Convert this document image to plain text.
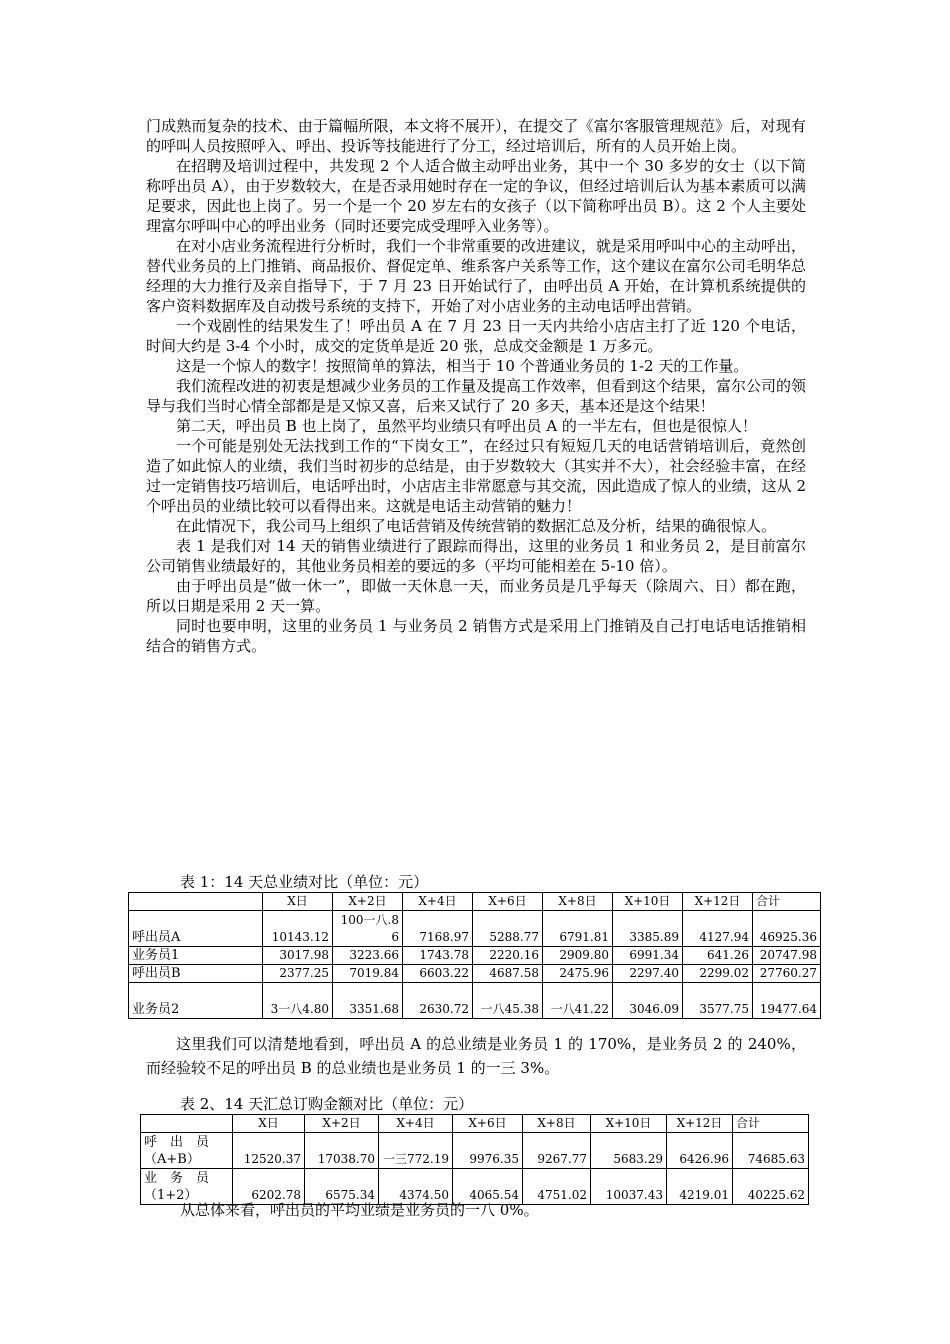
门成熟而复杂的技术、由于篇幅所限，本文将不展开），在提交了《富尔客服管理规范》后，对现有的呼叫人员按照呼入、呼出、投诉等技能进行了分工，经过培训后，所有的人员开始上岗。

在招聘及培训过程中，共发现 2 个人适合做主动呼出业务，其中一个 30 多岁的女士（以下简称呼出员 A），由于岁数较大，在是否录用她时存在一定的争议，但经过培训后认为基本素质可以满足要求，因此也上岗了。另一个是一个 20 岁左右的女孩子（以下简称呼出员 B）。这 2 个人主要处理富尔呼叫中心的呼出业务（同时还要完成受理呼入业务等）。

在对小店业务流程进行分析时，我们一个非常重要的改进建议，就是采用呼叫中心的主动呼出，替代业务员的上门推销、商品报价、督促定单、维系客户关系等工作，这个建议在富尔公司毛明华总经理的大力推行及亲自指导下，于 7 月 23 日开始试行了，由呼出员 A 开始，在计算机系统提供的客户资料数据库及自动拨号系统的支持下，开始了对小店业务的主动电话呼出营销。

一个戏剧性的结果发生了！呼出员 A 在 7 月 23 日一天内共给小店店主打了近 120 个电话，时间大约是 3-4 个小时，成交的定货单是近 20 张，总成交金额是 1 万多元。

这是一个惊人的数字！按照简单的算法，相当于 10 个普通业务员的 1-2 天的工作量。

我们流程改进的初衷是想减少业务员的工作量及提高工作效率，但看到这个结果，富尔公司的领导与我们当时心情全部都是是又惊又喜，后来又试行了 20 多天，基本还是这个结果！

第二天，呼出员 B 也上岗了，虽然平均业绩只有呼出员 A 的一半左右，但也是很惊人！

一个可能是别处无法找到工作的“下岗女工”，在经过只有短短几天的电话营销培训后，竟然创造了如此惊人的业绩，我们当时初步的总结是，由于岁数较大（其实并不大），社会经验丰富，在经过一定销售技巧培训后，电话呼出时，小店店主非常愿意与其交流，因此造成了惊人的业绩，这从 2 个呼出员的业绩比较可以看得出来。这就是电话主动营销的魅力！

在此情况下，我公司马上组织了电话营销及传统营销的数据汇总及分析，结果的确很惊人。

表 1 是我们对 14 天的销售业绩进行了跟踪而得出，这里的业务员 1 和业务员 2，是目前富尔公司销售业绩最好的，其他业务员相差的要远的多（平均可能相差在 5-10 倍）。

由于呼出员是“做一休一”，即做一天休息一天，而业务员是几乎每天（除周六、日）都在跑，所以日期是采用 2 天一算。

同时也要申明，这里的业务员 1 与业务员 2 销售方式是采用上门推销及自己打电话电话推销相结合的销售方式。

表 1：14 天总业绩对比（单位：元）
	X日	X+2日	X+4日	X+6日	X+8日	X+10日	X+12日	合计
呼出员A	10143.12	100一八.86	7168.97	5288.77	6791.81	3385.89	4127.94	46925.36
业务员1	3017.98	3223.66	1743.78	2220.16	2909.80	6991.34	641.26	20747.98
呼出员B	2377.25	7019.84	6603.22	4687.58	2475.96	2297.40	2299.02	27760.27
业务员2	3一八4.80	3351.68	2630.72	一八45.38	一八41.22	3046.09	3577.75	19477.64

这里我们可以清楚地看到，呼出员 A 的总业绩是业务员 1 的 170%，是业务员 2 的 240%，而经验较不足的呼出员 B 的总业绩也是业务员 1 的一三 3%。

表 2、14 天汇总订购金额对比（单位：元）
	X日	X+2日	X+4日	X+6日	X+8日	X+10日	X+12日	合计
呼　出　员（A+B）	12520.37	17038.70	一三772.19	9976.35	9267.77	5683.29	6426.96	74685.63
业　务　员（1+2）	6202.78	6575.34	4374.50	4065.54	4751.02	10037.43	4219.01	40225.62
从总体来看，呼出员的平均业绩是业务员的一八 0%。
